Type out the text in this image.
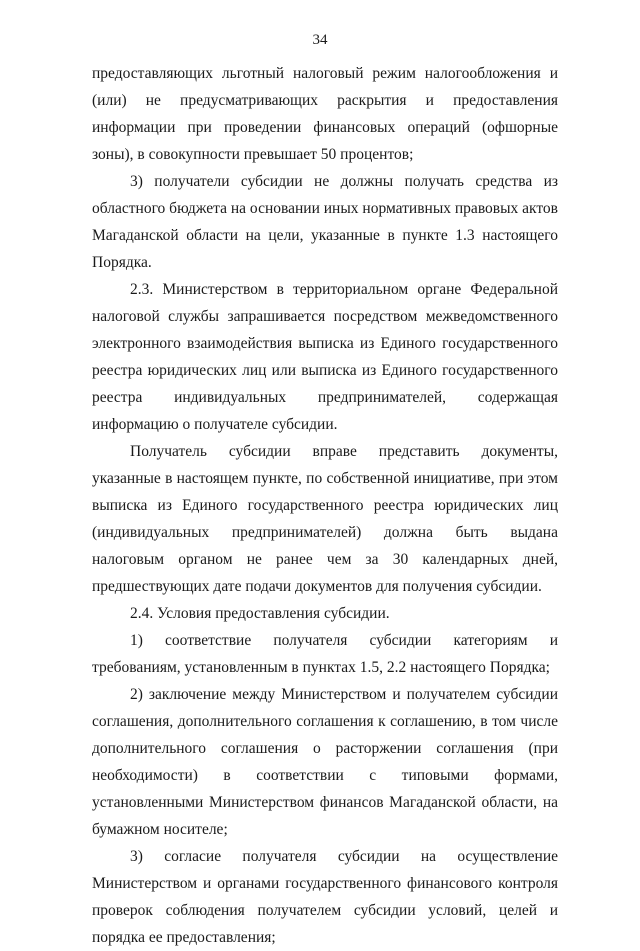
34

предоставляющих льготный налоговый режим налогообложения и (или) не предусматривающих раскрытия и предоставления информации при проведении финансовых операций (офшорные зоны), в совокупности превышает 50 процентов;

3) получатели субсидии не должны получать средства из областного бюджета на основании иных нормативных правовых актов Магаданской области на цели, указанные в пункте 1.3 настоящего Порядка.

2.3. Министерством в территориальном органе Федеральной налоговой службы запрашивается посредством межведомственного электронного взаимодействия выписка из Единого государственного реестра юридических лиц или выписка из Единого государственного реестра индивидуальных предпринимателей, содержащая информацию о получателе субсидии.

Получатель субсидии вправе представить документы, указанные в настоящем пункте, по собственной инициативе, при этом выписка из Единого государственного реестра юридических лиц (индивидуальных предпринимателей) должна быть выдана налоговым органом не ранее чем за 30 календарных дней, предшествующих дате подачи документов для получения субсидии.

2.4. Условия предоставления субсидии.

1) соответствие получателя субсидии категориям и требованиям, установленным в пунктах 1.5, 2.2 настоящего Порядка;

2) заключение между Министерством и получателем субсидии соглашения, дополнительного соглашения к соглашению, в том числе дополнительного соглашения о расторжении соглашения (при необходимости) в соответствии с типовыми формами, установленными Министерством финансов Магаданской области, на бумажном носителе;

3) согласие получателя субсидии на осуществление Министерством и органами государственного финансового контроля проверок соблюдения получателем субсидии условий, целей и порядка ее предоставления;
